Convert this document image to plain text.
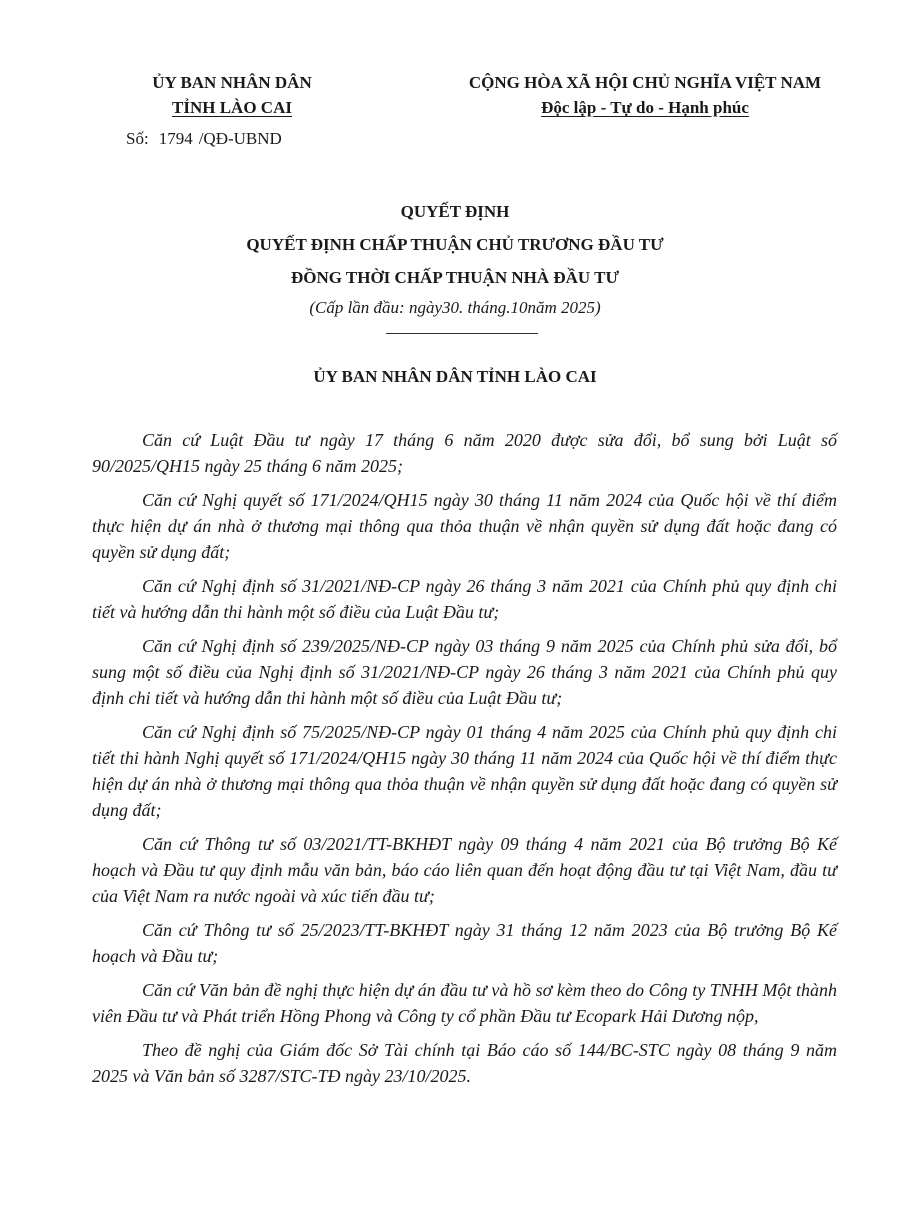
ỦY BAN NHÂN DÂN
TỈNH LÀO CAI
Số: 1794 /QĐ-UBND
CỘNG HÒA XÃ HỘI CHỦ NGHĨA VIỆT NAM
Độc lập - Tự do - Hạnh phúc

QUYẾT ĐỊNH

QUYẾT ĐỊNH CHẤP THUẬN CHỦ TRƯƠNG ĐẦU TƯ

ĐỒNG THỜI CHẤP THUẬN NHÀ ĐẦU TƯ

(Cấp lần đầu: ngày30. tháng.10năm 2025)

ỦY BAN NHÂN DÂN TỈNH LÀO CAI

Căn cứ Luật Đầu tư ngày 17 tháng 6 năm 2020 được sửa đổi, bổ sung bởi Luật số 90/2025/QH15 ngày 25 tháng 6 năm 2025;

Căn cứ Nghị quyết số 171/2024/QH15 ngày 30 tháng 11 năm 2024 của Quốc hội về thí điểm thực hiện dự án nhà ở thương mại thông qua thỏa thuận về nhận quyền sử dụng đất hoặc đang có quyền sử dụng đất;

Căn cứ Nghị định số 31/2021/NĐ-CP ngày 26 tháng 3 năm 2021 của Chính phủ quy định chi tiết và hướng dẫn thi hành một số điều của Luật Đầu tư;

Căn cứ Nghị định số 239/2025/NĐ-CP ngày 03 tháng 9 năm 2025 của Chính phủ sửa đổi, bổ sung một số điều của Nghị định số 31/2021/NĐ-CP ngày 26 tháng 3 năm 2021 của Chính phủ quy định chi tiết và hướng dẫn thi hành một số điều của Luật Đầu tư;

Căn cứ Nghị định số 75/2025/NĐ-CP ngày 01 tháng 4 năm 2025 của Chính phủ quy định chi tiết thi hành Nghị quyết số 171/2024/QH15 ngày 30 tháng 11 năm 2024 của Quốc hội về thí điểm thực hiện dự án nhà ở thương mại thông qua thỏa thuận về nhận quyền sử dụng đất hoặc đang có quyền sử dụng đất;

Căn cứ Thông tư số 03/2021/TT-BKHĐT ngày 09 tháng 4 năm 2021 của Bộ trưởng Bộ Kế hoạch và Đầu tư quy định mẫu văn bản, báo cáo liên quan đến hoạt động đầu tư tại Việt Nam, đầu tư của Việt Nam ra nước ngoài và xúc tiến đầu tư;

Căn cứ Thông tư số 25/2023/TT-BKHĐT ngày 31 tháng 12 năm 2023 của Bộ trưởng Bộ Kế hoạch và Đầu tư;

Căn cứ Văn bản đề nghị thực hiện dự án đầu tư và hồ sơ kèm theo do Công ty TNHH Một thành viên Đầu tư và Phát triển Hồng Phong và Công ty cổ phần Đầu tư Ecopark Hải Dương nộp,

Theo đề nghị của Giám đốc Sở Tài chính tại Báo cáo số 144/BC-STC ngày 08 tháng 9 năm 2025 và Văn bản số 3287/STC-TĐ ngày 23/10/2025.
